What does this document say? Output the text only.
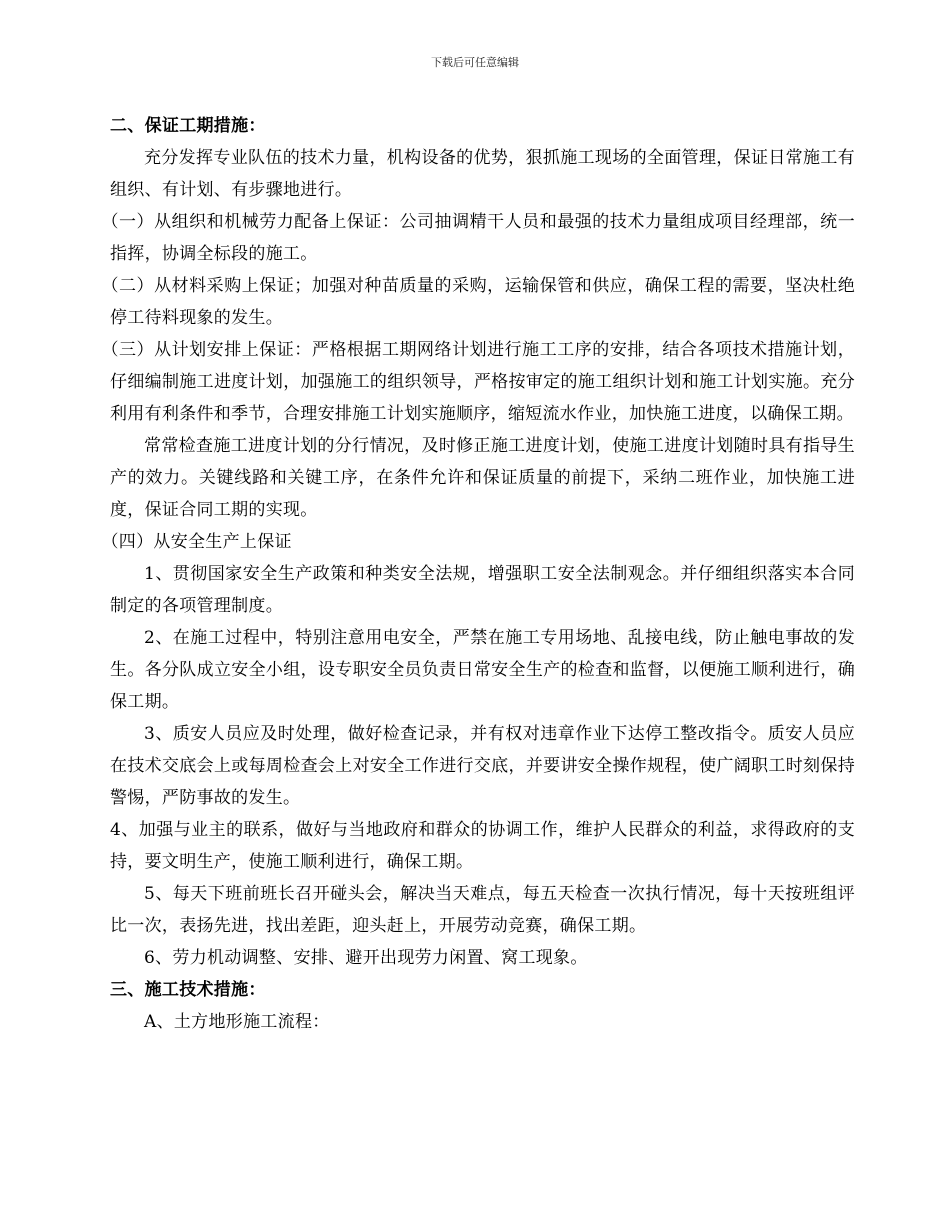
下载后可任意编辑

二、保证工期措施：

充分发挥专业队伍的技术力量，机构设备的优势，狠抓施工现场的全面管理，保证日常施工有组织、有计划、有步骤地进行。

（一）从组织和机械劳力配备上保证：公司抽调精干人员和最强的技术力量组成项目经理部，统一指挥，协调全标段的施工。

（二）从材料采购上保证；加强对种苗质量的采购，运输保管和供应，确保工程的需要，坚决杜绝停工待料现象的发生。

（三）从计划安排上保证：严格根据工期网络计划进行施工工序的安排，结合各项技术措施计划，仔细编制施工进度计划，加强施工的组织领导，严格按审定的施工组织计划和施工计划实施。充分利用有利条件和季节，合理安排施工计划实施顺序，缩短流水作业，加快施工进度，以确保工期。

常常检查施工进度计划的分行情况，及时修正施工进度计划，使施工进度计划随时具有指导生产的效力。关键线路和关键工序，在条件允许和保证质量的前提下，采纳二班作业，加快施工进度，保证合同工期的实现。

（四）从安全生产上保证

1、贯彻国家安全生产政策和种类安全法规，增强职工安全法制观念。并仔细组织落实本合同制定的各项管理制度。

2、在施工过程中，特别注意用电安全，严禁在施工专用场地、乱接电线，防止触电事故的发生。各分队成立安全小组，设专职安全员负责日常安全生产的检查和监督，以便施工顺利进行，确保工期。

3、质安人员应及时处理，做好检查记录，并有权对违章作业下达停工整改指令。质安人员应在技术交底会上或每周检查会上对安全工作进行交底，并要讲安全操作规程，使广阔职工时刻保持警惕，严防事故的发生。

4、加强与业主的联系，做好与当地政府和群众的协调工作，维护人民群众的利益，求得政府的支持，要文明生产，使施工顺利进行，确保工期。

5、每天下班前班长召开碰头会，解决当天难点，每五天检查一次执行情况，每十天按班组评比一次，表扬先进，找出差距，迎头赶上，开展劳动竞赛，确保工期。

6、劳力机动调整、安排、避开出现劳力闲置、窝工现象。

三、施工技术措施：

A、土方地形施工流程：
